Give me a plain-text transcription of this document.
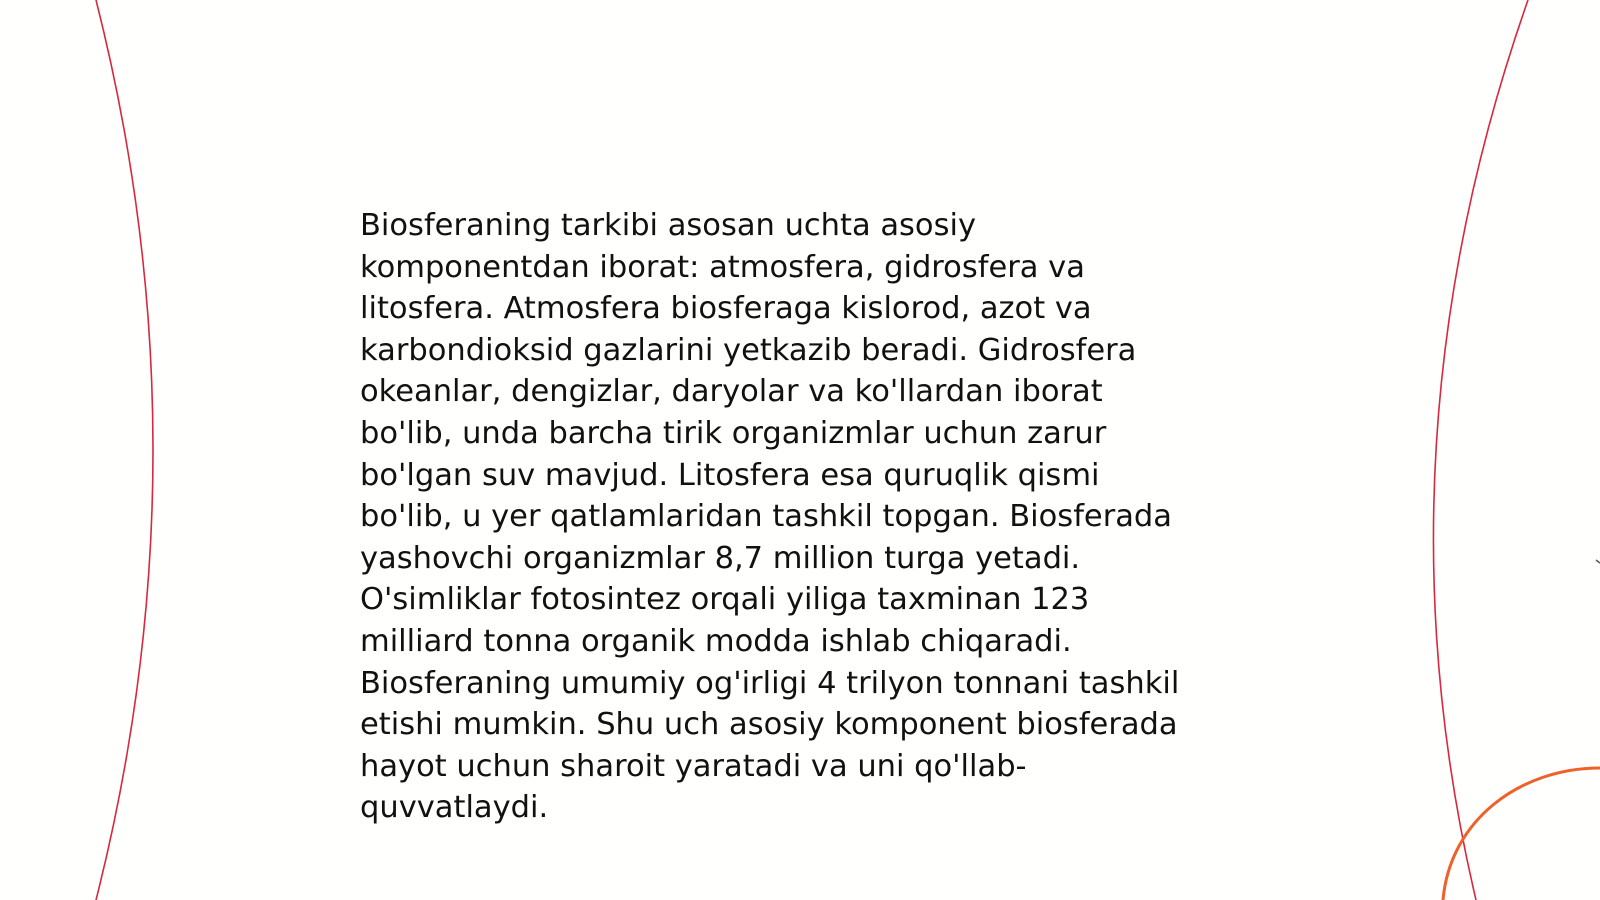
Biosferaning tarkibi asosan uchta asosiy
komponentdan iborat: atmosfera, gidrosfera va
litosfera. Atmosfera biosferaga kislorod, azot va
karbondioksid gazlarini yetkazib beradi. Gidrosfera
okeanlar, dengizlar, daryolar va ko'llardan iborat
bo'lib, unda barcha tirik organizmlar uchun zarur
bo'lgan suv mavjud. Litosfera esa quruqlik qismi
bo'lib, u yer qatlamlaridan tashkil topgan. Biosferada
yashovchi organizmlar 8,7 million turga yetadi.
O'simliklar fotosintez orqali yiliga taxminan 123
milliard tonna organik modda ishlab chiqaradi.
Biosferaning umumiy og'irligi 4 trilyon tonnani tashkil
etishi mumkin. Shu uch asosiy komponent biosferada
hayot uchun sharoit yaratadi va uni qo'llab-
quvvatlaydi.
